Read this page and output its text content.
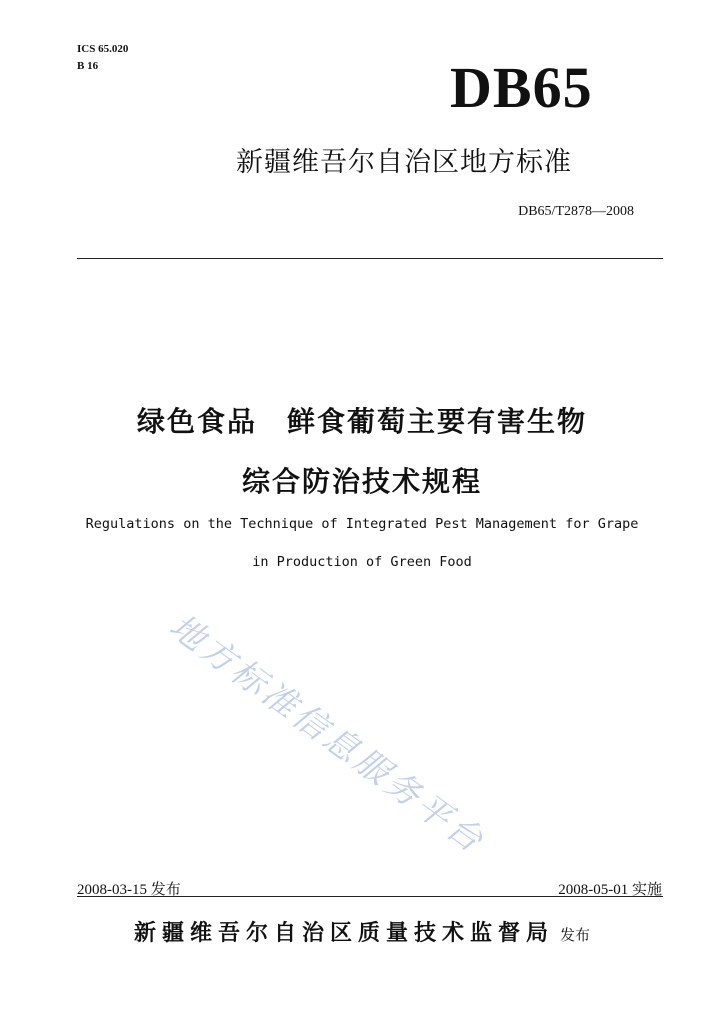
ICS 65.020
B 16	DB65
新疆维吾尔自治区地方标准
DB65/T2878—2008
绿色食品　鲜食葡萄主要有害生物
综合防治技术规程
Regulations on the Technique of Integrated Pest Management for Grape
in Production of Green Food
地方标准信息服务平台
2008-03-15 发布	2008-05-01 实施
新疆维吾尔自治区质量技术监督局 发布
